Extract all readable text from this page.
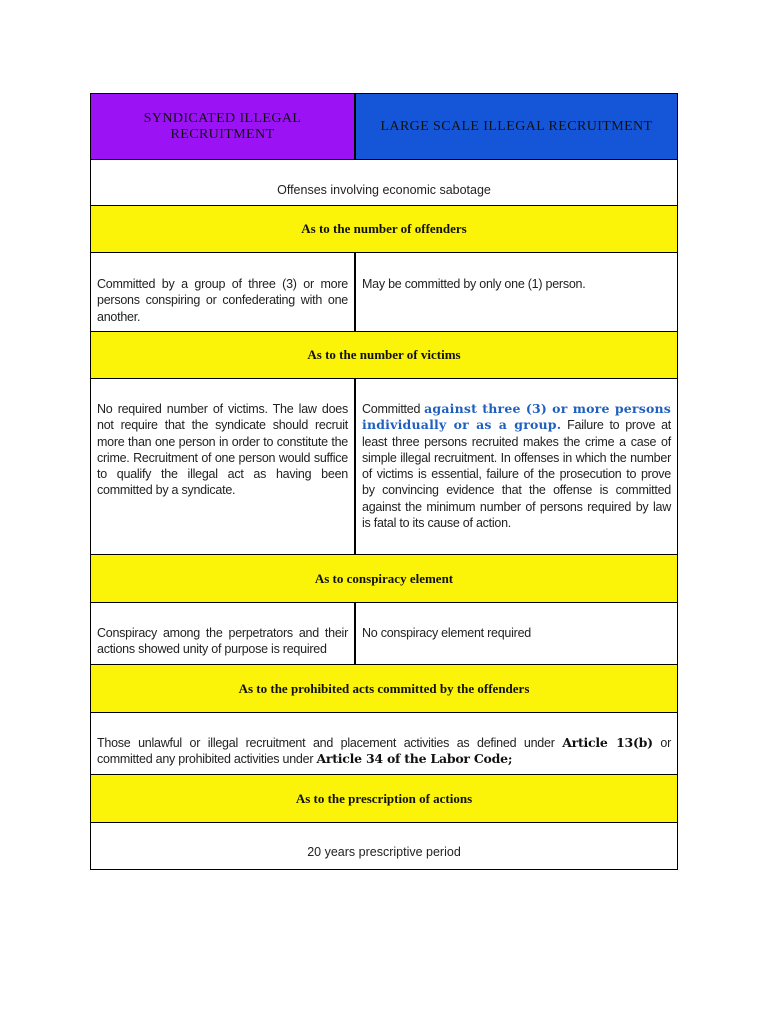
SYNDICATED ILLEGAL RECRUITMENT
LARGE SCALE ILLEGAL RECRUITMENT
Offenses involving economic sabotage
As to the number of offenders
Committed by a group of three (3) or more persons conspiring or confederating with one another.
May be committed by only one (1) person.
As to the number of victims
No required number of victims. The law does not require that the syndicate should recruit more than one person in order to constitute the crime. Recruitment of one person would suffice to qualify the illegal act as having been committed by a syndicate.
Committed against three (3) or more persons individually or as a group. Failure to prove at least three persons recruited makes the crime a case of simple illegal recruitment. In offenses in which the number of victims is essential, failure of the prosecution to prove by convincing evidence that the offense is committed against the minimum number of persons required by law is fatal to its cause of action.
As to conspiracy element
Conspiracy among the perpetrators and their actions showed unity of purpose is required
No conspiracy element required
As to the prohibited acts committed by the offenders
Those unlawful or illegal recruitment and placement activities as defined under Article 13(b) or committed any prohibited activities under Article 34 of the Labor Code;
As to the prescription of actions
20 years prescriptive period
